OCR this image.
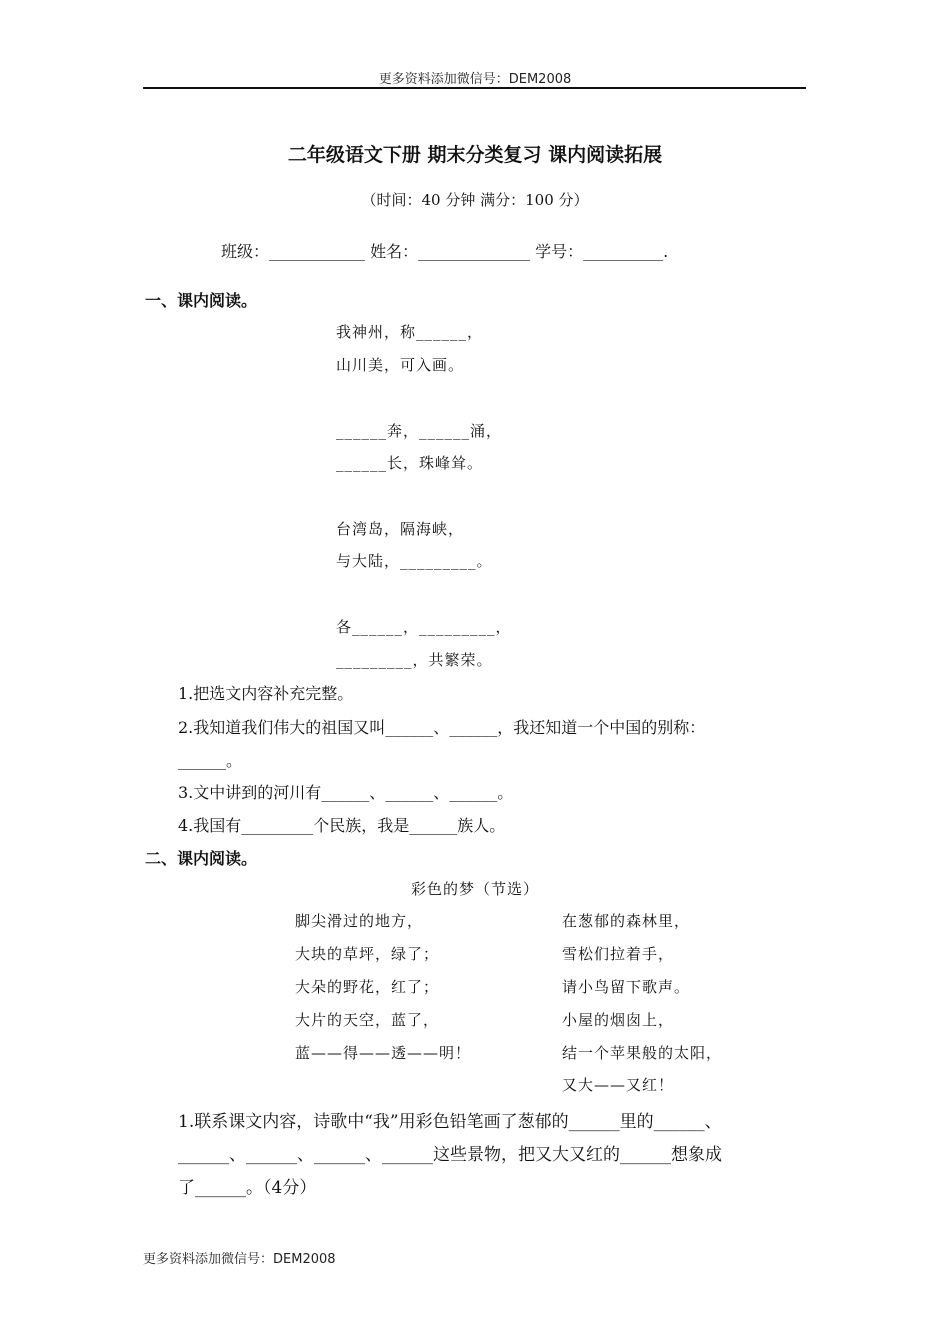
更多资料添加微信号：DEM2008
二年级语文下册 期末分类复习 课内阅读拓展
（时间：40 分钟 满分：100 分）
班级：____________ 姓名：______________ 学号：__________.
一、课内阅读。
我神州，称______，
山川美，可入画。
______奔，______涌，
______长，珠峰耸。
台湾岛，隔海峡，
与大陆，_________。
各______，_________，
_________，共繁荣。
1.把选文内容补充完整。
2.我知道我们伟大的祖国又叫______、______，我还知道一个中国的别称：
______。
3.文中讲到的河川有______、______、______。
4.我国有_________个民族，我是______族人。
二、课内阅读。
彩色的梦（节选）
脚尖滑过的地方，
大块的草坪，绿了；
大朵的野花，红了；
大片的天空，蓝了，
蓝——得——透——明！
在葱郁的森林里，
雪松们拉着手，
请小鸟留下歌声。
小屋的烟囱上，
结一个苹果般的太阳，
又大——又红！
1.联系课文内容，诗歌中“我”用彩色铅笔画了葱郁的______里的______、
______、______、______、______这些景物，把又大又红的______想象成
了______。（4分）
更多资料添加微信号：DEM2008
